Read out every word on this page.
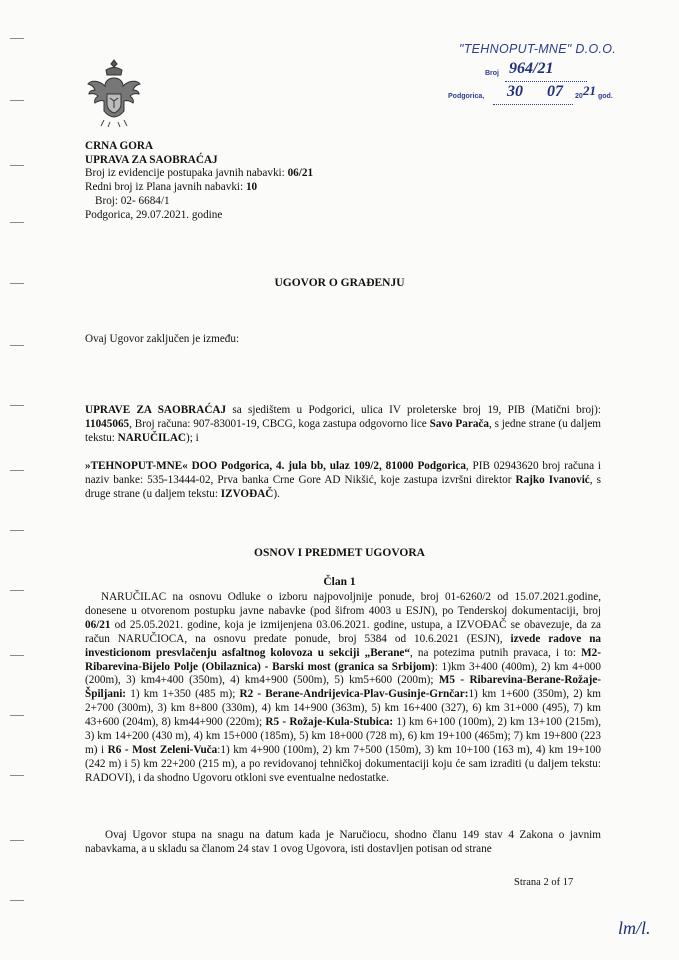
"TEHNOPUT-MNE" D.O.O.
Broj 964/21
Podgorica, 30 07 20 21 god.
CRNA GORA
UPRAVA ZA SAOBRAĆAJ
Broj iz evidencije postupaka javnih nabavki: 06/21
Redni broj iz Plana javnih nabavki: 10
Broj: 02- 6684/1
Podgorica, 29.07.2021. godine
UGOVOR O GRAĐENJU
Ovaj Ugovor zaključen je između:
UPRAVE ZA SAOBRAĆAJ sa sjedištem u Podgorici, ulica IV proleterske broj 19, PIB (Matični broj): 11045065, Broj računa: 907-83001-19, CBCG, koga zastupa odgovorno lice Savo Parača, s jedne strane (u daljem tekstu: NARUČILAC); i
»TEHNOPUT-MNE« DOO Podgorica, 4. jula bb, ulaz 109/2, 81000 Podgorica, PIB 02943620 broj računa i naziv banke: 535-13444-02, Prva banka Crne Gore AD Nikšić, koje zastupa izvršni direktor Rajko Ivanović, s druge strane (u daljem tekstu: IZVOĐAČ).
OSNOV I PREDMET UGOVORA
Član 1
NARUČILAC na osnovu Odluke o izboru najpovoljnije ponude, broj 01-6260/2 od 15.07.2021.godine, donesene u otvorenom postupku javne nabavke (pod šifrom 4003 u ESJN), po Tenderskoj dokumentaciji, broj 06/21 od 25.05.2021. godine, koja je izmijenjena 03.06.2021. godine, ustupa, a IZVOĐAČ se obavezuje, da za račun NARUČIOCA, na osnovu predate ponude, broj 5384 od 10.6.2021 (ESJN), izvede radove na investicionom presvlačenju asfaltnog kolovoza u sekciji „Berane“, na potezima putnih pravaca, i to: M2-Ribarevina-Bijelo Polje (Obilaznica) - Barski most (granica sa Srbijom): 1)km 3+400 (400m), 2) km 4+000 (200m), 3) km4+400 (350m), 4) km4+900 (500m), 5) km5+600 (200m); M5 - Ribarevina-Berane-Rožaje-Špiljani: 1) km 1+350 (485 m); R2 - Berane-Andrijevica-Plav-Gusinje-Grnčar:1) km 1+600 (350m), 2) km 2+700 (300m), 3) km 8+800 (330m), 4) km 14+900 (363m), 5) km 16+400 (327), 6) km 31+000 (495), 7) km 43+600 (204m), 8) km44+900 (220m); R5 - Rožaje-Kula-Stubica: 1) km 6+100 (100m), 2) km 13+100 (215m), 3) km 14+200 (430 m), 4) km 15+000 (185m), 5) km 18+000 (728 m), 6) km 19+100 (465m); 7) km 19+800 (223 m) i R6 - Most Zeleni-Vuča:1) km 4+900 (100m), 2) km 7+500 (150m), 3) km 10+100 (163 m), 4) km 19+100 (242 m) i 5) km 22+200 (215 m), a po revidovanoj tehničkoj dokumentaciji koju će sam izraditi (u daljem tekstu: RADOVI), i da shodno Ugovoru otkloni sve eventualne nedostatke.
Ovaj Ugovor stupa na snagu na datum kada je Naručiocu, shodno članu 149 stav 4 Zakona o javnim nabavkama, a u skladu sa članom 24 stav 1 ovog Ugovora, isti dostavljen potisan od strane
Strana 2 of 17
lm/l.
